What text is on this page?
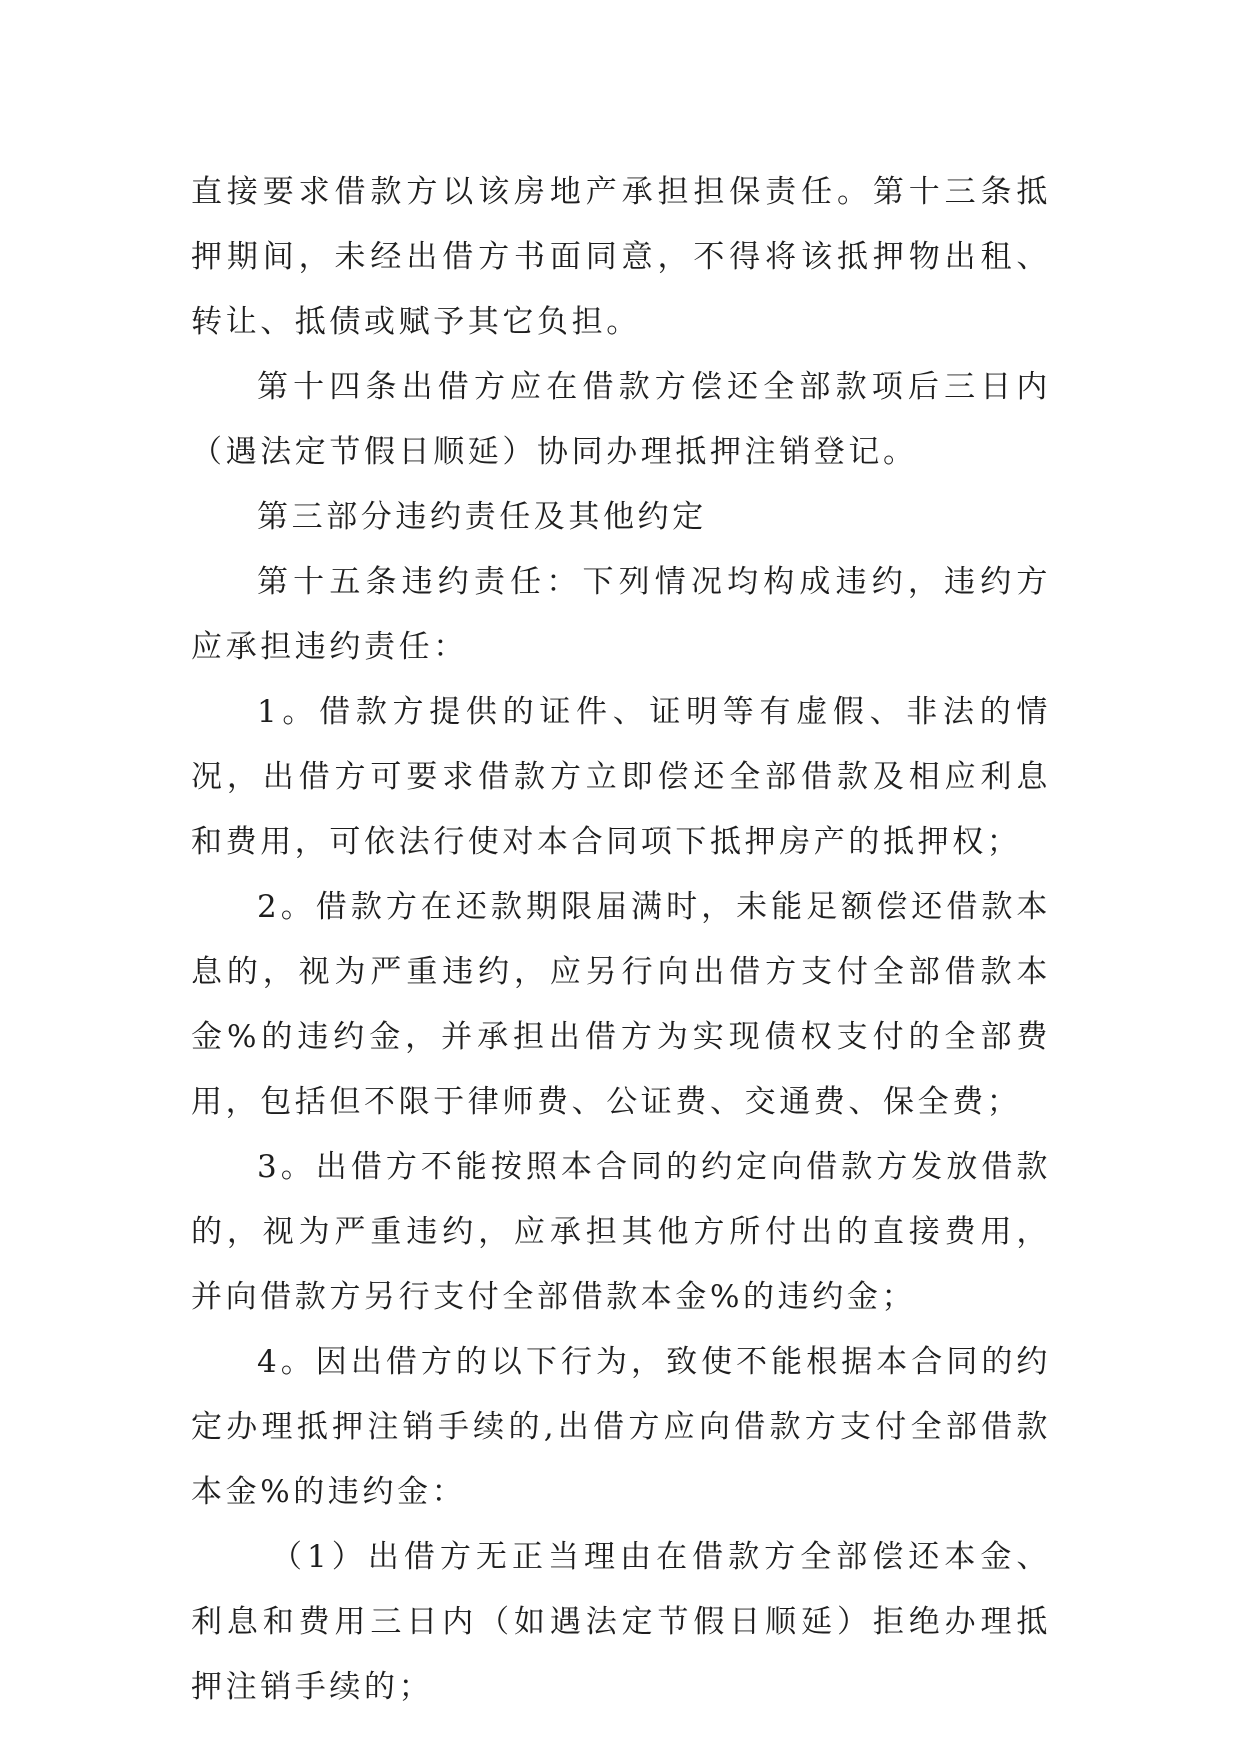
直接要求借款方以该房地产承担担保责任。第十三条抵押期间，未经出借方书面同意，不得将该抵押物出租、转让、抵债或赋予其它负担。

第十四条出借方应在借款方偿还全部款项后三日内（遇法定节假日顺延）协同办理抵押注销登记。

第三部分违约责任及其他约定

第十五条违约责任：下列情况均构成违约，违约方应承担违约责任：

1。借款方提供的证件、证明等有虚假、非法的情况，出借方可要求借款方立即偿还全部借款及相应利息和费用，可依法行使对本合同项下抵押房产的抵押权；

2。借款方在还款期限届满时，未能足额偿还借款本息的，视为严重违约，应另行向出借方支付全部借款本金%的违约金，并承担出借方为实现债权支付的全部费用，包括但不限于律师费、公证费、交通费、保全费；

3。出借方不能按照本合同的约定向借款方发放借款的，视为严重违约，应承担其他方所付出的直接费用，并向借款方另行支付全部借款本金%的违约金；

4。因出借方的以下行为，致使不能根据本合同的约定办理抵押注销手续的,出借方应向借款方支付全部借款本金%的违约金：

（1）出借方无正当理由在借款方全部偿还本金、利息和费用三日内（如遇法定节假日顺延）拒绝办理抵押注销手续的；
